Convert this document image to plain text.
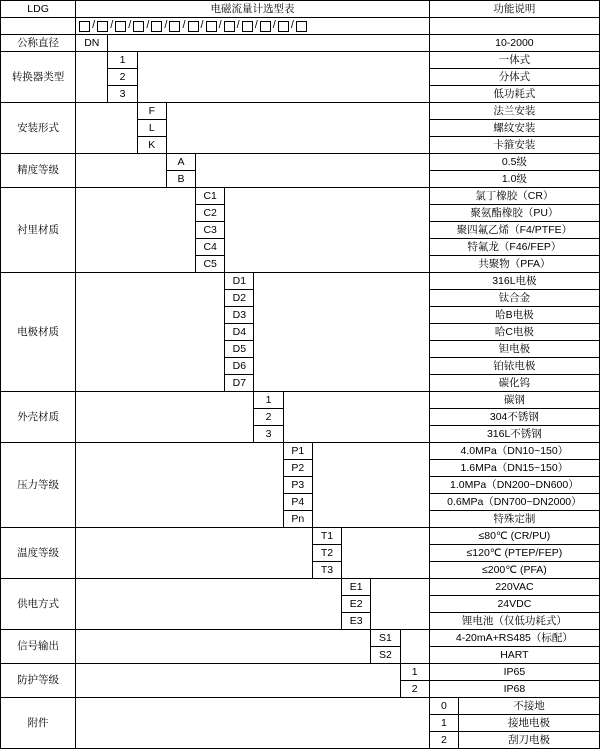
LDG	电磁流量计选型表												功能说明	

/ / / / / / / / / / / /

公称直径	DN												10-2000	
转换器类型		1											一体式	
		2											分体式	
		3											低功耗式	
安装形式			F										法兰安装	
			L										螺纹安装	
			K										卡箍安装	
精度等级				A									0.5级	
				B									1.0级	
衬里材质					C1								氯丁橡胶（CR）	
					C2								聚氨酯橡胶（PU）	
					C3								聚四氟乙烯（F4/PTFE）	
					C4								特氟龙（F46/FEP）	
					C5								共聚物（PFA）	
电极材质						D1							316L电极	
						D2							钛合金	
						D3							哈B电极	
						D4							哈C电极	
						D5							钽电极	
						D6							铂铱电极	
						D7							碳化钨	
外壳材质							1						碳钢	
							2						304不锈钢	
							3						316L不锈钢	
压力等级								P1					4.0MPa（DN10~150）	
								P2					1.6MPa（DN15~150）	
								P3					1.0MPa（DN200~DN600）	
								P4					0.6MPa（DN700~DN2000）	
								Pn					特殊定制	
温度等级									T1				≤80℃ (CR/PU)	
									T2				≤120℃ (PTEP/FEP)	
									T3				≤200℃ (PFA)	
供电方式										E1			220VAC	
										E2			24VDC	
										E3			锂电池（仅低功耗式）	
信号输出											S1		4-20mA+RS485（标配）	
											S2		HART	
防护等级												1	IP65	
												2	IP68	
附件													0	不接地
													1	接地电极
													2	刮刀电极
